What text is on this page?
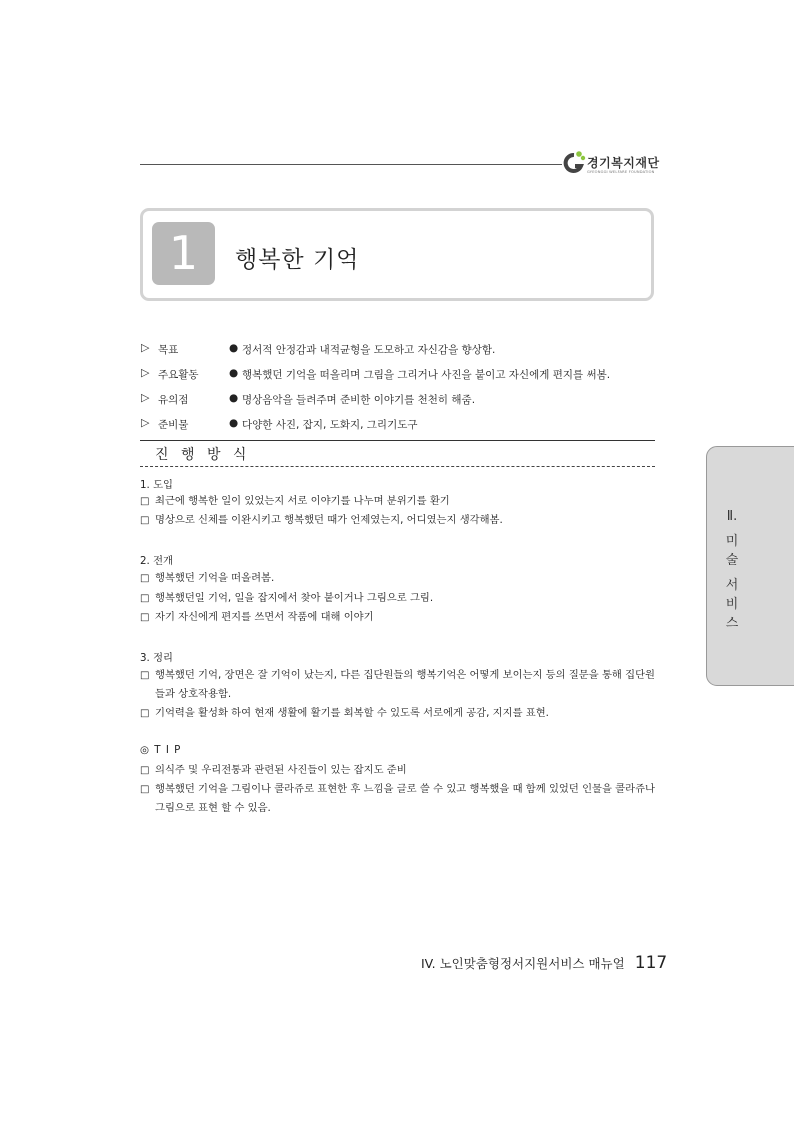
경기복지재단
GYEONGGI WELFARE FOUNDATION
1	행복한 기억
▷ 목표	● 정서적 안정감과 내적균형을 도모하고 자신감을 향상함.
▷ 주요활동	● 행복했던 기억을 떠올리며 그림을 그리거나 사진을 붙이고 자신에게 편지를 써봄.
▷ 유의점	● 명상음악을 들려주며 준비한 이야기를 천천히 해줌.
▷ 준비물	● 다양한 사진, 잡지, 도화지, 그리기도구
진 행 방 식
1. 도입
□ 최근에 행복한 일이 있었는지 서로 이야기를 나누며 분위기를 환기
□ 명상으로 신체를 이완시키고 행복했던 때가 언제였는지, 어디였는지 생각해봄.
2. 전개
□ 행복했던 기억을 떠올려봄.
□ 행복했던일 기억, 일을 잡지에서 찾아 붙이거나 그림으로 그림.
□ 자기 자신에게 편지를 쓰면서 작품에 대해 이야기
3. 정리
□ 행복했던 기억, 장면은 잘 기억이 났는지, 다른 집단원들의 행복기억은 어떻게 보이는지 등의 질문을 통해 집단원들과 상호작용함.
□ 기억력을 활성화 하여 현재 생활에 활기를 회복할 수 있도록 서로에게 공감, 지지를 표현.
◎ T I P
□ 의식주 및 우리전통과 관련된 사진들이 있는 잡지도 준비
□ 행복했던 기억을 그림이나 콜라쥬로 표현한 후 느낌을 글로 쓸 수 있고 행복했을 때 함께 있었던 인물을 콜라쥬나 그림으로 표현 할 수 있음.
Ⅱ.
미
술
서
비
스
IV. 노인맞춤형정서지원서비스 매뉴얼 117
